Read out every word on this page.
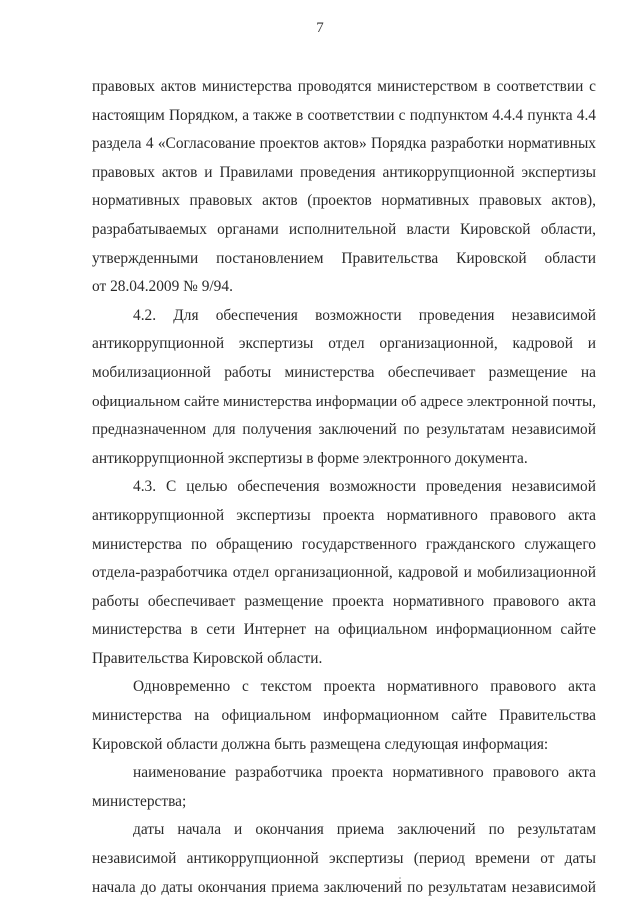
7
правовых актов министерства проводятся министерством в соответствии с
настоящим Порядком, а также в соответствии с подпунктом 4.4.4 пункта 4.4
раздела 4 «Согласование проектов актов» Порядка разработки нормативных
правовых актов и Правилами проведения антикоррупционной экспертизы
нормативных правовых актов (проектов нормативных правовых актов),
разрабатываемых органами исполнительной власти Кировской области,
утвержденными постановлением Правительства Кировской области
от 28.04.2009 № 9/94.
4.2. Для обеспечения возможности проведения независимой
антикоррупционной экспертизы отдел организационной, кадровой и
мобилизационной работы министерства обеспечивает размещение на
официальном сайте министерства информации об адресе электронной почты,
предназначенном для получения заключений по результатам независимой
антикоррупционной экспертизы в форме электронного документа.
4.3. С целью обеспечения возможности проведения независимой
антикоррупционной экспертизы проекта нормативного правового акта
министерства по обращению государственного гражданского служащего
отдела-разработчика отдел организационной, кадровой и мобилизационной
работы обеспечивает размещение проекта нормативного правового акта
министерства в сети Интернет на официальном информационном сайте
Правительства Кировской области.
Одновременно с текстом проекта нормативного правового акта
министерства на официальном информационном сайте Правительства
Кировской области должна быть размещена следующая информация:
наименование разработчика проекта нормативного правового акта
министерства;
даты начала и окончания приема заключений по результатам
независимой антикоррупционной экспертизы (период времени от даты
начала до даты окончания приема заключений по результатам независимой
